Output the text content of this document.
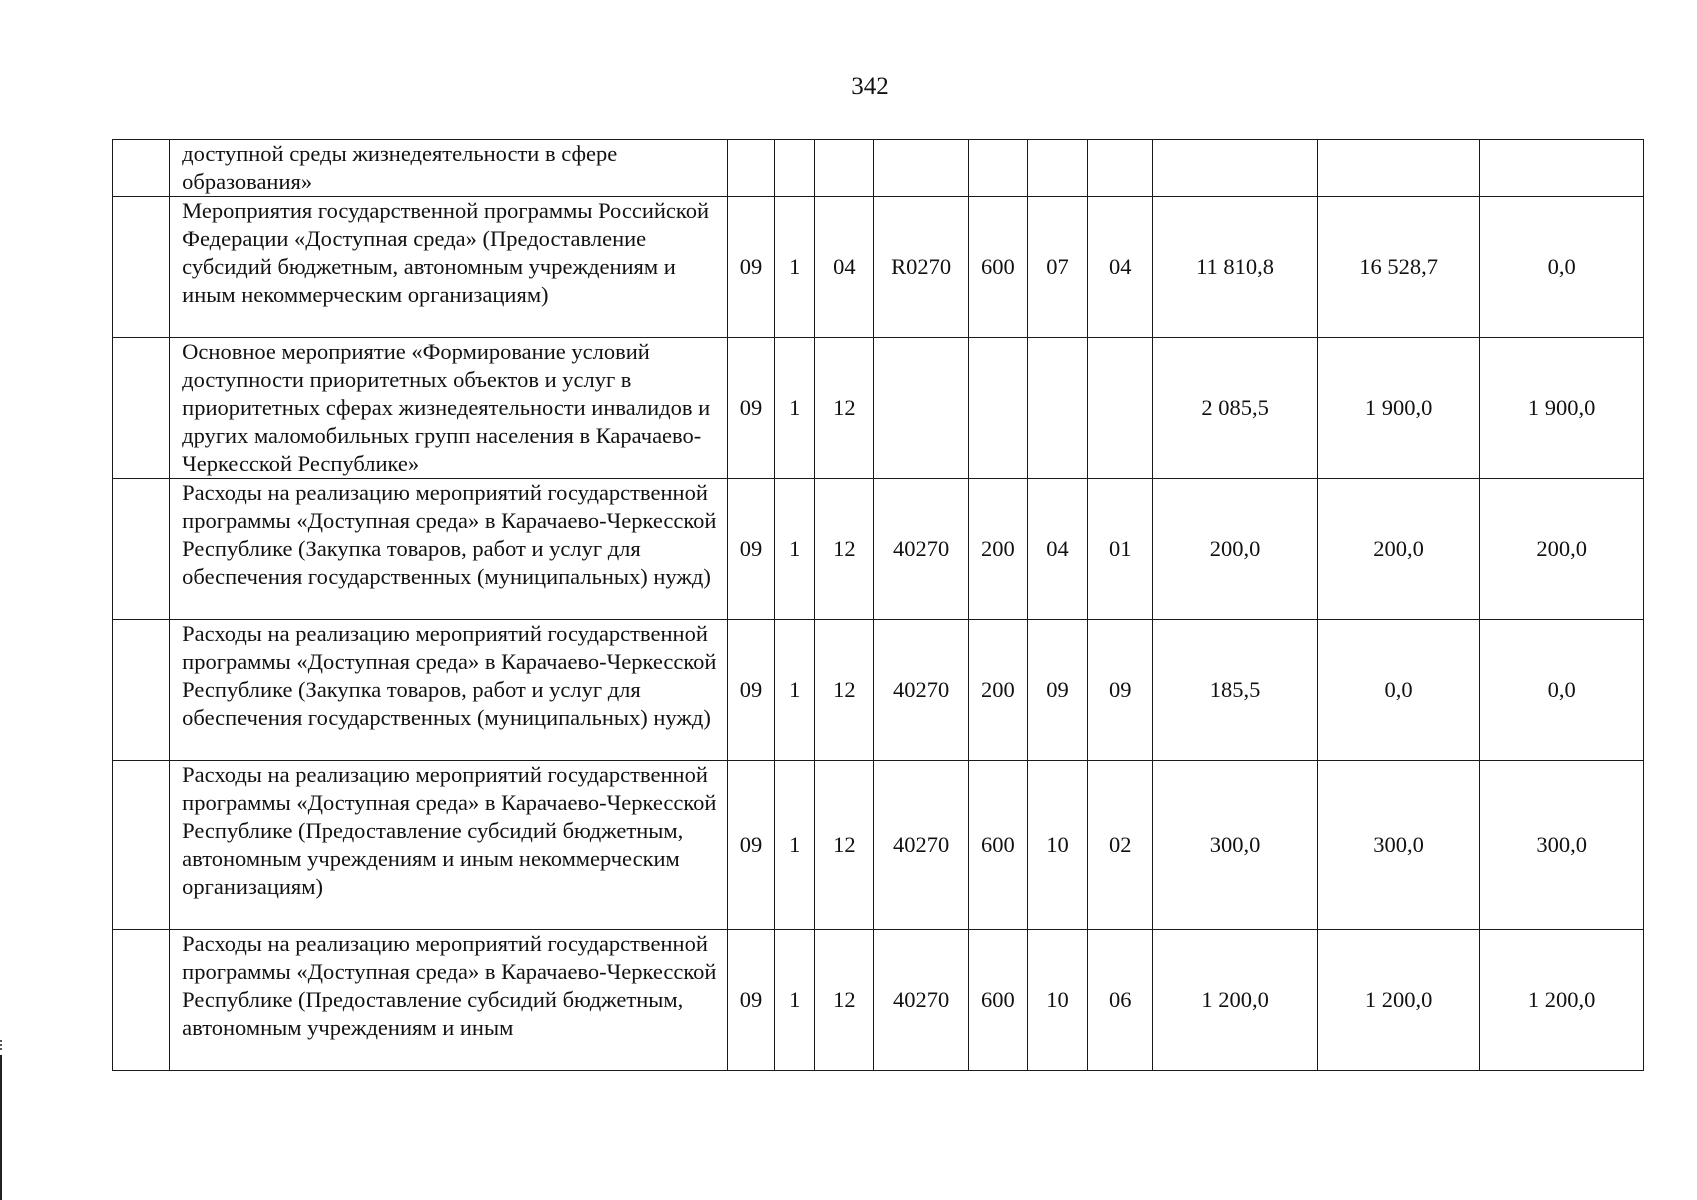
342
	доступной среды жизнедеятельности в сфере образования»										
	Мероприятия государственной программы Российской Федерации «Доступная среда» (Предоставление субсидий бюджетным, автономным учреждениям и иным некоммерческим организациям)	09	1	04	R0270	600	07	04	11 810,8	16 528,7	0,0
	Основное мероприятие «Формирование условий доступности приоритетных объектов и услуг в приоритетных сферах жизнедеятельности инвалидов и других маломобильных групп населения в Карачаево-Черкесской Республике»	09	1	12					2 085,5	1 900,0	1 900,0
	Расходы на реализацию мероприятий государственной программы «Доступная среда» в Карачаево-Черкесской Республике (Закупка товаров, работ и услуг для обеспечения государственных (муниципальных) нужд)	09	1	12	40270	200	04	01	200,0	200,0	200,0
	Расходы на реализацию мероприятий государственной программы «Доступная среда» в Карачаево-Черкесской Республике (Закупка товаров, работ и услуг для обеспечения государственных (муниципальных) нужд)	09	1	12	40270	200	09	09	185,5	0,0	0,0
	Расходы на реализацию мероприятий государственной программы «Доступная среда» в Карачаево-Черкесской Республике (Предоставление субсидий бюджетным, автономным учреждениям и иным некоммерческим организациям)	09	1	12	40270	600	10	02	300,0	300,0	300,0
	Расходы на реализацию мероприятий государственной программы «Доступная среда» в Карачаево-Черкесской Республике (Предоставление субсидий бюджетным, автономным учреждениям и иным	09	1	12	40270	600	10	06	1 200,0	1 200,0	1 200,0
